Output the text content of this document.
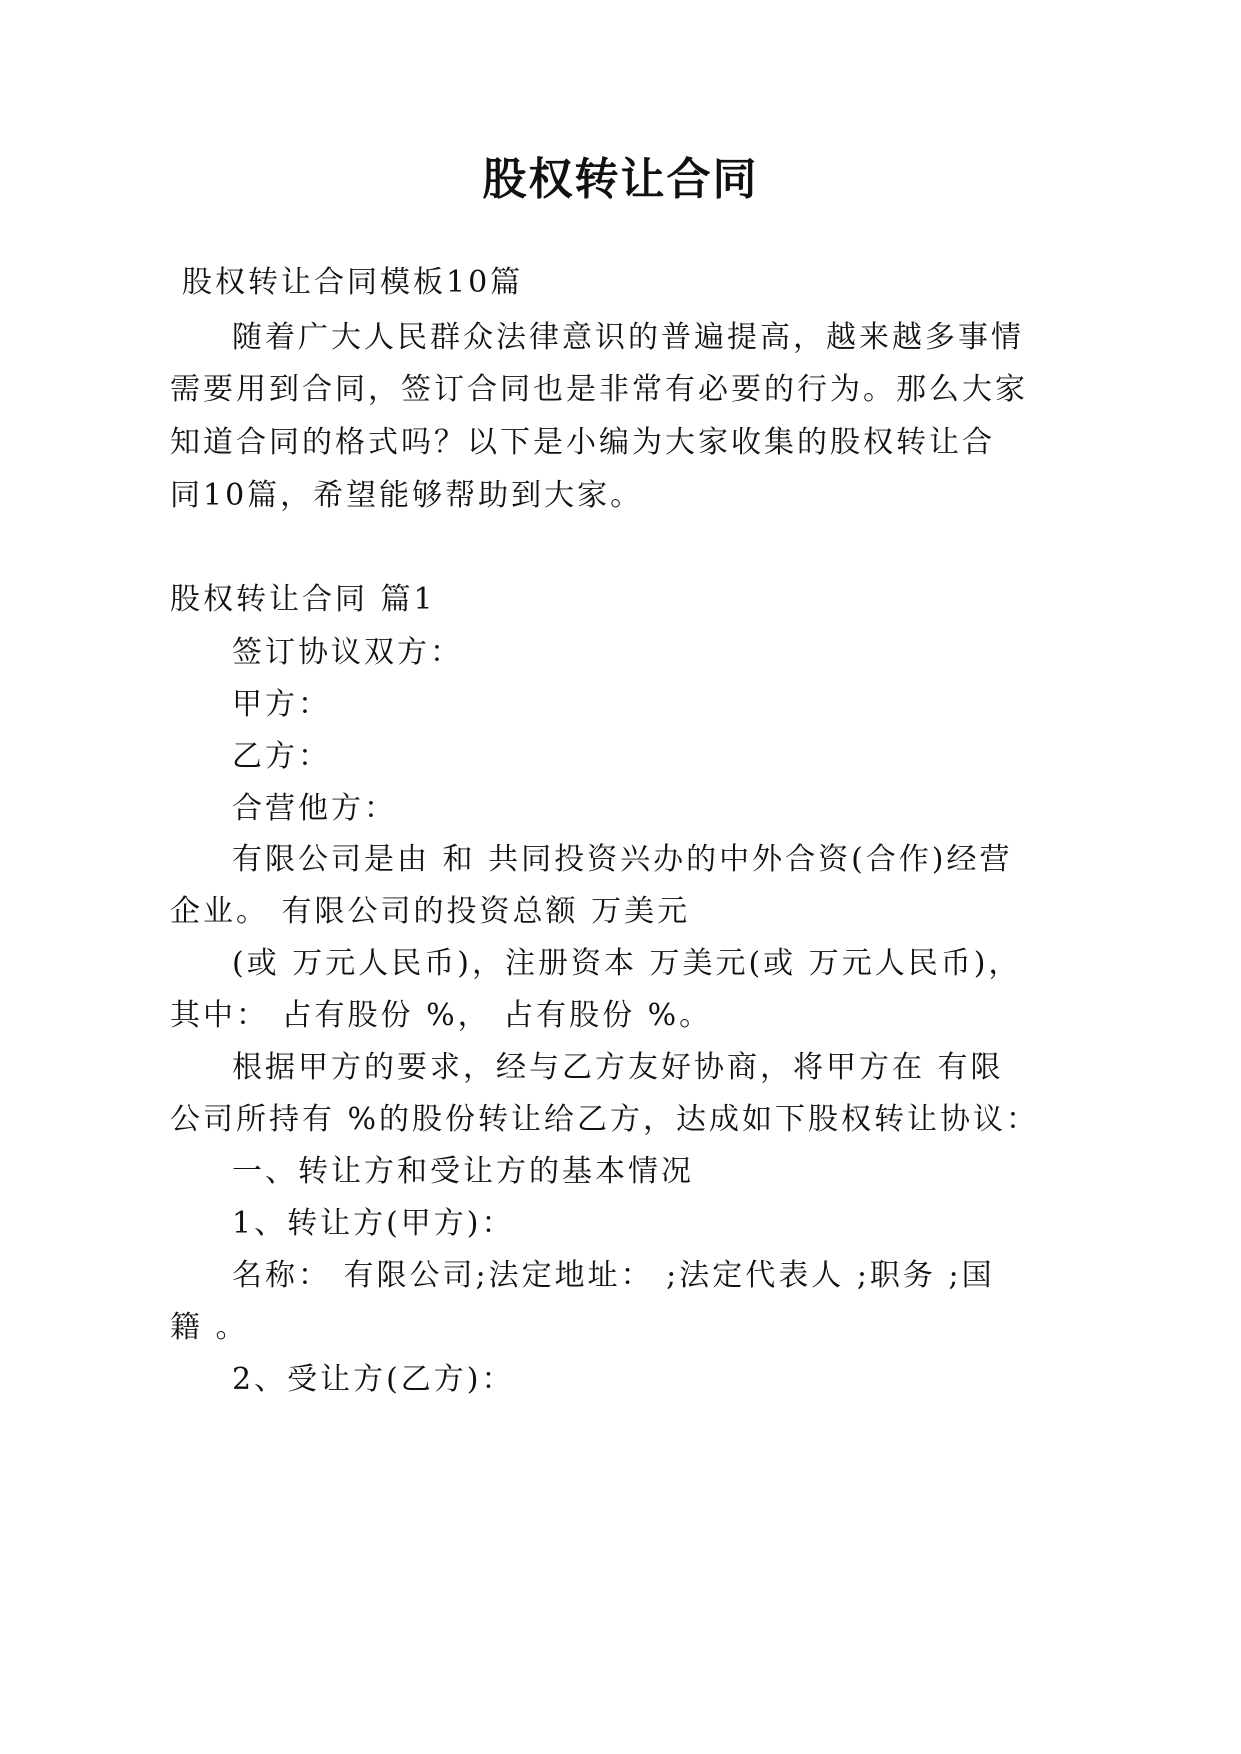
股权转让合同
股权转让合同模板10篇
随着广大人民群众法律意识的普遍提高，越来越多事情
需要用到合同，签订合同也是非常有必要的行为。那么大家
知道合同的格式吗？以下是小编为大家收集的股权转让合
同10篇，希望能够帮助到大家。
股权转让合同 篇1
签订协议双方：
甲方：
乙方：
合营他方：
有限公司是由 和 共同投资兴办的中外合资(合作)经营
企业。 有限公司的投资总额 万美元
(或 万元人民币)，注册资本 万美元(或 万元人民币)，
其中： 占有股份 %， 占有股份 %。
根据甲方的要求，经与乙方友好协商，将甲方在 有限
公司所持有 %的股份转让给乙方，达成如下股权转让协议：
一、转让方和受让方的基本情况
1、转让方(甲方)：
名称： 有限公司;法定地址： ;法定代表人 ;职务 ;国
籍 。
2、受让方(乙方)：
